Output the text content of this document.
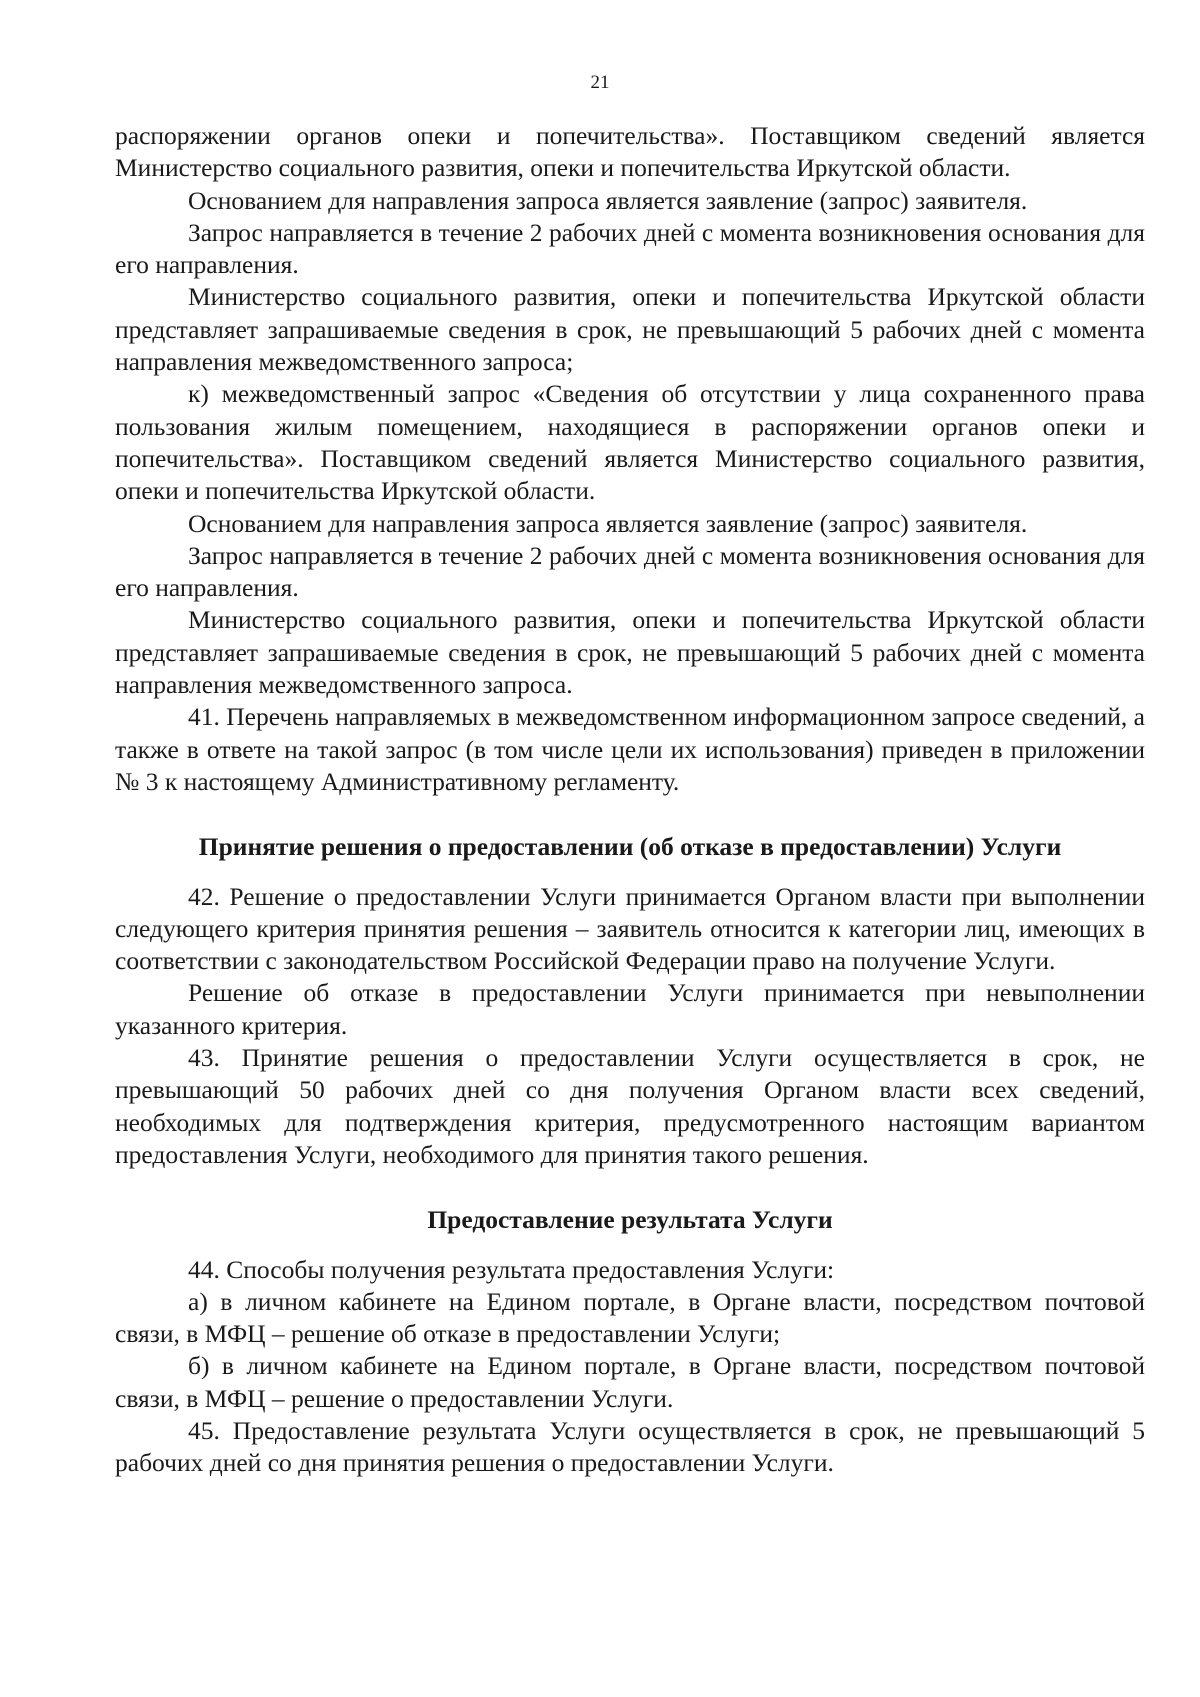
21

распоряжении органов опеки и попечительства». Поставщиком сведений является Министерство социального развития, опеки и попечительства Иркутской области.

Основанием для направления запроса является заявление (запрос) заявителя.

Запрос направляется в течение 2 рабочих дней с момента возникновения основания для его направления.

Министерство социального развития, опеки и попечительства Иркутской области представляет запрашиваемые сведения в срок, не превышающий 5 рабочих дней с момента направления межведомственного запроса;

к) межведомственный запрос «Сведения об отсутствии у лица сохраненного права пользования жилым помещением, находящиеся в распоряжении органов опеки и попечительства». Поставщиком сведений является Министерство социального развития, опеки и попечительства Иркутской области.

Основанием для направления запроса является заявление (запрос) заявителя.

Запрос направляется в течение 2 рабочих дней с момента возникновения основания для его направления.

Министерство социального развития, опеки и попечительства Иркутской области представляет запрашиваемые сведения в срок, не превышающий 5 рабочих дней с момента направления межведомственного запроса.

41. Перечень направляемых в межведомственном информационном запросе сведений, а также в ответе на такой запрос (в том числе цели их использования) приведен в приложении № 3 к настоящему Административному регламенту.

Принятие решения о предоставлении (об отказе в предоставлении) Услуги

42. Решение о предоставлении Услуги принимается Органом власти при выполнении следующего критерия принятия решения – заявитель относится к категории лиц, имеющих в соответствии с законодательством Российской Федерации право на получение Услуги.

Решение об отказе в предоставлении Услуги принимается при невыполнении указанного критерия.

43. Принятие решения о предоставлении Услуги осуществляется в срок, не превышающий 50 рабочих дней со дня получения Органом власти всех сведений, необходимых для подтверждения критерия, предусмотренного настоящим вариантом предоставления Услуги, необходимого для принятия такого решения.

Предоставление результата Услуги

44. Способы получения результата предоставления Услуги:

а) в личном кабинете на Едином портале, в Органе власти, посредством почтовой связи, в МФЦ – решение об отказе в предоставлении Услуги;

б) в личном кабинете на Едином портале, в Органе власти, посредством почтовой связи, в МФЦ – решение о предоставлении Услуги.

45. Предоставление результата Услуги осуществляется в срок, не превышающий 5 рабочих дней со дня принятия решения о предоставлении Услуги.
